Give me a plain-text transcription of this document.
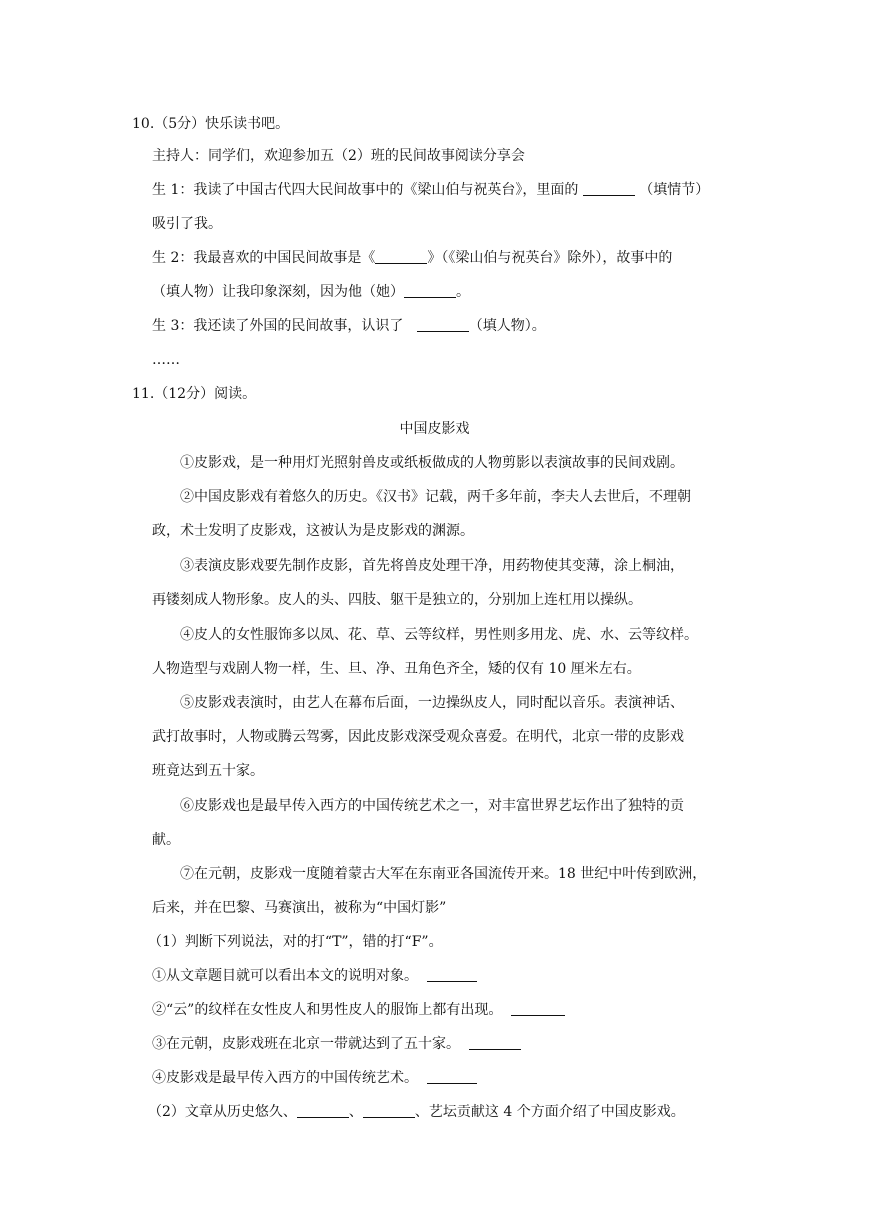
10.（5分）快乐读书吧。
主持人：同学们，欢迎参加五（2）班的民间故事阅读分享会
生 1：我读了中国古代四大民间故事中的《梁山伯与祝英台》，里面的	（填情节）
吸引了我。
生 2：我最喜欢的中国民间故事是《	》（《梁山伯与祝英台》除外），故事中的
（填人物）让我印象深刻，因为他（她）	。
生 3：我还读了外国的民间故事，认识了	（填人物）。
……
11.（12分）阅读。
中国皮影戏
①皮影戏，是一种用灯光照射兽皮或纸板做成的人物剪影以表演故事的民间戏剧。
②中国皮影戏有着悠久的历史。《汉书》记载，两千多年前，李夫人去世后，不理朝
政，术士发明了皮影戏，这被认为是皮影戏的渊源。
③表演皮影戏要先制作皮影，首先将兽皮处理干净，用药物使其变薄，涂上桐油，
再镂刻成人物形象。皮人的头、四肢、躯干是独立的，分别加上连杠用以操纵。
④皮人的女性服饰多以凤、花、草、云等纹样，男性则多用龙、虎、水、云等纹样。
人物造型与戏剧人物一样，生、旦、净、丑角色齐全，矮的仅有 10 厘米左右。
⑤皮影戏表演时，由艺人在幕布后面，一边操纵皮人，同时配以音乐。表演神话、
武打故事时，人物或腾云驾雾，因此皮影戏深受观众喜爱。在明代，北京一带的皮影戏
班竟达到五十家。
⑥皮影戏也是最早传入西方的中国传统艺术之一，对丰富世界艺坛作出了独特的贡
献。
⑦在元朝，皮影戏一度随着蒙古大军在东南亚各国流传开来。18 世纪中叶传到欧洲，
后来，并在巴黎、马赛演出，被称为“中国灯影”
（1）判断下列说法，对的打“T”，错的打“F”。
①从文章题目就可以看出本文的说明对象。
②“云”的纹样在女性皮人和男性皮人的服饰上都有出现。
③在元朝，皮影戏班在北京一带就达到了五十家。
④皮影戏是最早传入西方的中国传统艺术。
（2）文章从历史悠久、	、	、艺坛贡献这 4 个方面介绍了中国皮影戏。
